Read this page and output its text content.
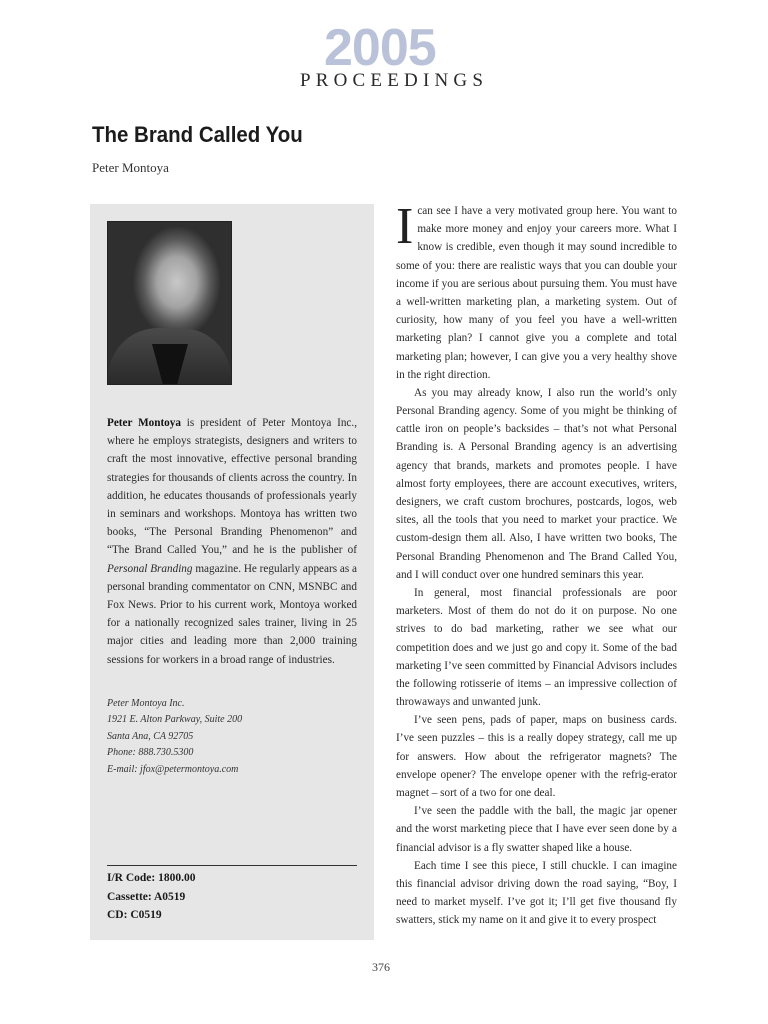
2005
PROCEEDINGS
The Brand Called You
Peter Montoya

Peter Montoya is president of Peter Montoya Inc., where he employs strategists, designers and writers to craft the most innovative, effective personal branding strategies for thousands of clients across the country. In addition, he educates thousands of professionals yearly in seminars and workshops. Montoya has written two books, “The Personal Branding Phenomenon” and “The Brand Called You,” and he is the publisher of Personal Branding magazine. He regularly appears as a personal branding commentator on CNN, MSNBC and Fox News. Prior to his current work, Montoya worked for a nationally recognized sales trainer, living in 25 major cities and leading more than 2,000 training sessions for workers in a broad range of industries.

Peter Montoya Inc.
1921 E. Alton Parkway, Suite 200
Santa Ana, CA 92705
Phone: 888.730.5300
E-mail: jfox@petermontoya.com
I/R Code: 1800.00
Cassette: A0519
CD: C0519

I can see I have a very motivated group here. You want to make more money and enjoy your careers more. What I know is credible, even though it may sound incredible to some of you: there are realistic ways that you can double your income if you are serious about pursuing them. You must have a well-written marketing plan, a marketing system. Out of curiosity, how many of you feel you have a well-written marketing plan? I cannot give you a complete and total marketing plan; however, I can give you a very healthy shove in the right direction.

As you may already know, I also run the world’s only Personal Branding agency. Some of you might be thinking of cattle iron on people’s backsides – that’s not what Personal Branding is. A Personal Branding agency is an advertising agency that brands, markets and promotes people. I have almost forty employees, there are account executives, writers, designers, we craft custom brochures, postcards, logos, web sites, all the tools that you need to market your practice. We custom-design them all. Also, I have written two books, The Personal Branding Phenomenon and The Brand Called You, and I will conduct over one hundred seminars this year.

In general, most financial professionals are poor marketers. Most of them do not do it on purpose. No one strives to do bad marketing, rather we see what our competition does and we just go and copy it. Some of the bad marketing I’ve seen committed by Financial Advisors includes the following rotisserie of items – an impressive collection of throwaways and unwanted junk.

I’ve seen pens, pads of paper, maps on business cards. I’ve seen puzzles – this is a really dopey strategy, call me up for answers. How about the refrigerator magnets? The envelope opener? The envelope opener with the refrig-erator magnet – sort of a two for one deal.

I’ve seen the paddle with the ball, the magic jar opener and the worst marketing piece that I have ever seen done by a financial advisor is a fly swatter shaped like a house.

Each time I see this piece, I still chuckle. I can imagine this financial advisor driving down the road saying, “Boy, I need to market myself. I’ve got it; I’ll get five thousand fly swatters, stick my name on it and give it to every prospect

376
